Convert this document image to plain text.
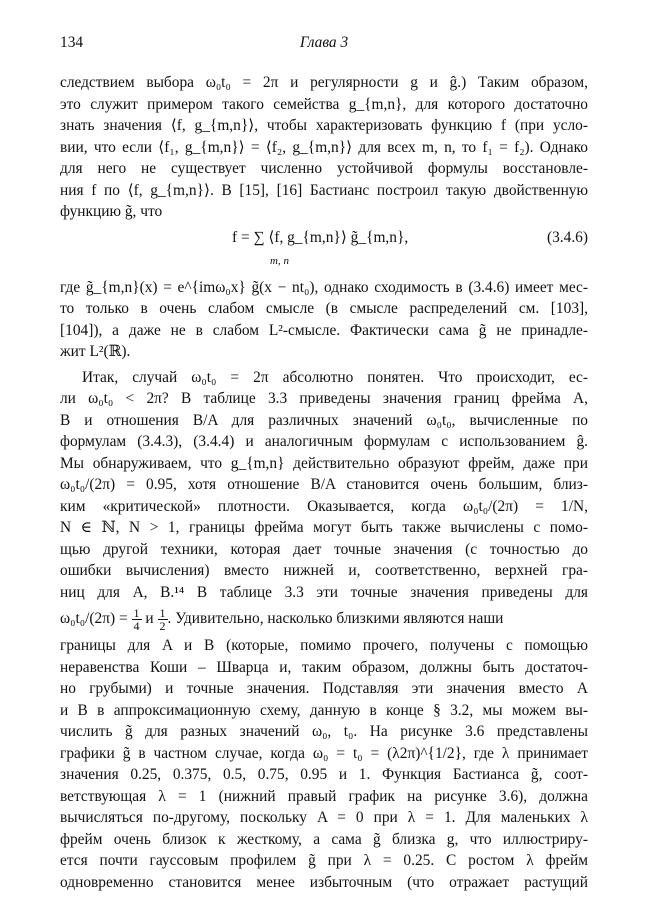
134	Глава 3
следствием выбора ω₀t₀ = 2π и регулярности g и ĝ.) Таким образом,
это служит примером такого семейства g_{m,n}, для которого достаточно
знать значения ⟨f, g_{m,n}⟩, чтобы характеризовать функцию f (при усло-
вии, что если ⟨f₁, g_{m,n}⟩ = ⟨f₂, g_{m,n}⟩ для всех m, n, то f₁ = f₂). Однако
для него не существует численно устойчивой формулы восстановле-
ния f по ⟨f, g_{m,n}⟩. В [15], [16] Бастианс построил такую двойственную
функцию g̃, что
f = ∑ ⟨f, g_{m,n}⟩ g̃_{m,n},
m, n
(3.4.6)
где g̃_{m,n}(x) = e^{imω₀x} g̃(x − nt₀), однако сходимость в (3.4.6) имеет мес-
то только в очень слабом смысле (в смысле распределений см. [103],
[104]), а даже не в слабом L²-смысле. Фактически сама g̃ не принадле-
жит L²(ℝ).
Итак, случай ω₀t₀ = 2π абсолютно понятен. Что происходит, ес-
ли ω₀t₀ < 2π? В таблице 3.3 приведены значения границ фрейма A,
B и отношения B/A для различных значений ω₀t₀, вычисленные по
формулам (3.4.3), (3.4.4) и аналогичным формулам с использованием ĝ.
Мы обнаруживаем, что g_{m,n} действительно образуют фрейм, даже при
ω₀t₀/(2π) = 0.95, хотя отношение B/A становится очень большим, близ-
ким «критической» плотности. Оказывается, когда ω₀t₀/(2π) = 1/N,
N ∈ ℕ, N > 1, границы фрейма могут быть также вычислены с помо-
щью другой техники, которая дает точные значения (с точностью до
ошибки вычисления) вместо нижней и, соответственно, верхней гра-
ниц для A, B.¹⁴ В таблице 3.3 эти точные значения приведены для
$\omega_0t_0/(2\pi) = \frac{1}{4}$ и $\frac{1}{2}$ . Удивительно, насколько близкими являются наши
границы для A и B (которые, помимо прочего, получены с помощью
неравенства Коши – Шварца и, таким образом, должны быть достаточ-
но грубыми) и точные значения. Подставляя эти значения вместо A
и B в аппроксимационную схему, данную в конце § 3.2, мы можем вы-
числить g̃ для разных значений ω₀, t₀. На рисунке 3.6 представлены
графики g̃ в частном случае, когда ω₀ = t₀ = (λ2π)^{1/2}, где λ принимает
значения 0.25, 0.375, 0.5, 0.75, 0.95 и 1. Функция Бастианса g̃, соот-
ветствующая λ = 1 (нижний правый график на рисунке 3.6), должна
вычисляться по-другому, поскольку A = 0 при λ = 1. Для маленьких λ
фрейм очень близок к жесткому, а сама g̃ близка g, что иллюстриру-
ется почти гауссовым профилем g̃ при λ = 0.25. С ростом λ фрейм
одновременно становится менее избыточным (что отражает растущий
